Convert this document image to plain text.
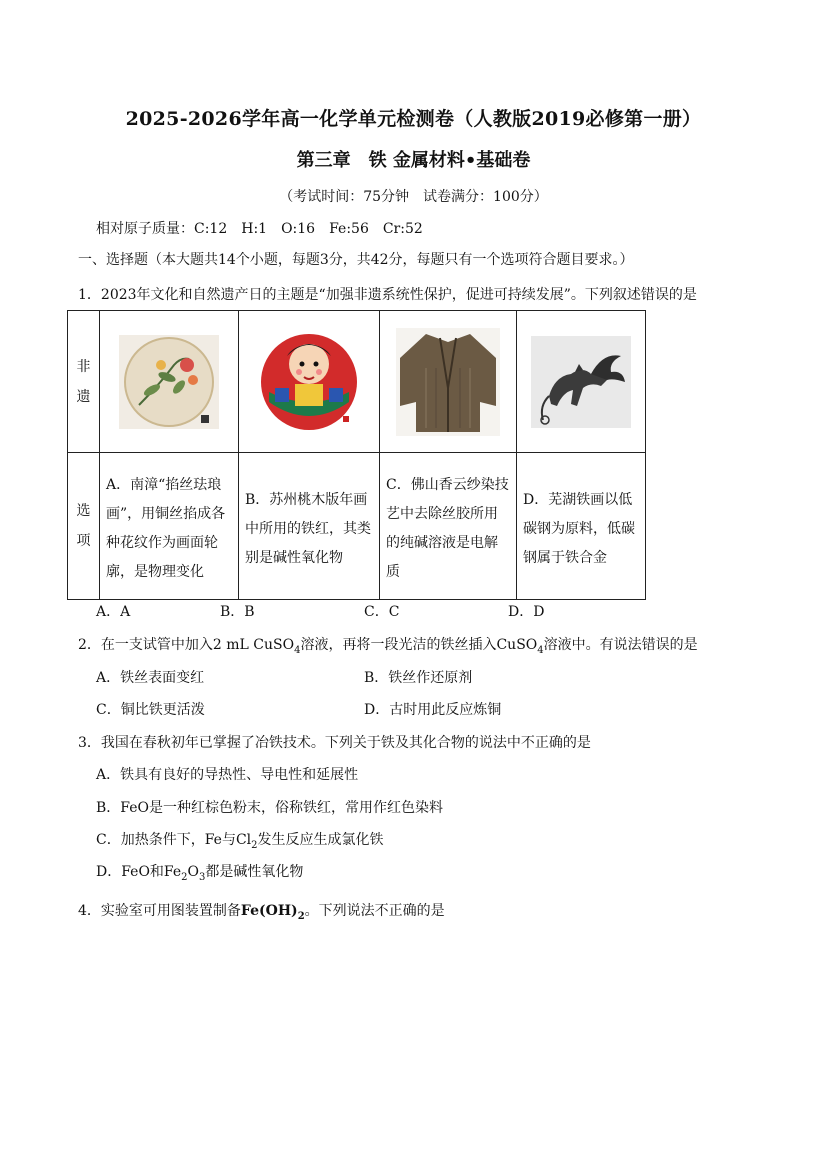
2025-2026学年高一化学单元检测卷（人教版2019必修第一册）
第三章　铁 金属材料•基础卷
（考试时间：75分钟　试卷满分：100分）
相对原子质量：C:12　H:1　O:16　Fe:56　Cr:52
一、选择题（本大题共14个小题，每题3分，共42分，每题只有一个选项符合题目要求。）
1．2023年文化和自然遗产日的主题是“加强非遗系统性保护，促进可持续发展”。下列叙述错误的是
非
遗

选
项	A．南漳“掐丝珐琅画”，用铜丝掐成各种花纹作为画面轮廓，是物理变化	B．苏州桃木版年画中所用的铁红，其类别是碱性氧化物	C．佛山香云纱染技艺中去除丝胶所用的纯碱溶液是电解质	D．芜湖铁画以低碳钢为原料，低碳钢属于铁合金
A．A	B．B	C．C	D．D
2．在一支试管中加入2 mL CuSO$_4$溶液，再将一段光洁的铁丝插入CuSO$_4$溶液中。有说法错误的是
A．铁丝表面变红	B．铁丝作还原剂
C．铜比铁更活泼	D．古时用此反应炼铜
3．我国在春秋初年已掌握了冶铁技术。下列关于铁及其化合物的说法中不正确的是
A．铁具有良好的导热性、导电性和延展性
B．FeO是一种红棕色粉末，俗称铁红，常用作红色染料
C．加热条件下，Fe与$Cl_2$发生反应生成氯化铁
D．FeO和$Fe_2O_3$都是碱性氧化物
4．实验室可用图装置制备$Fe(OH)_2$。下列说法不正确的是
